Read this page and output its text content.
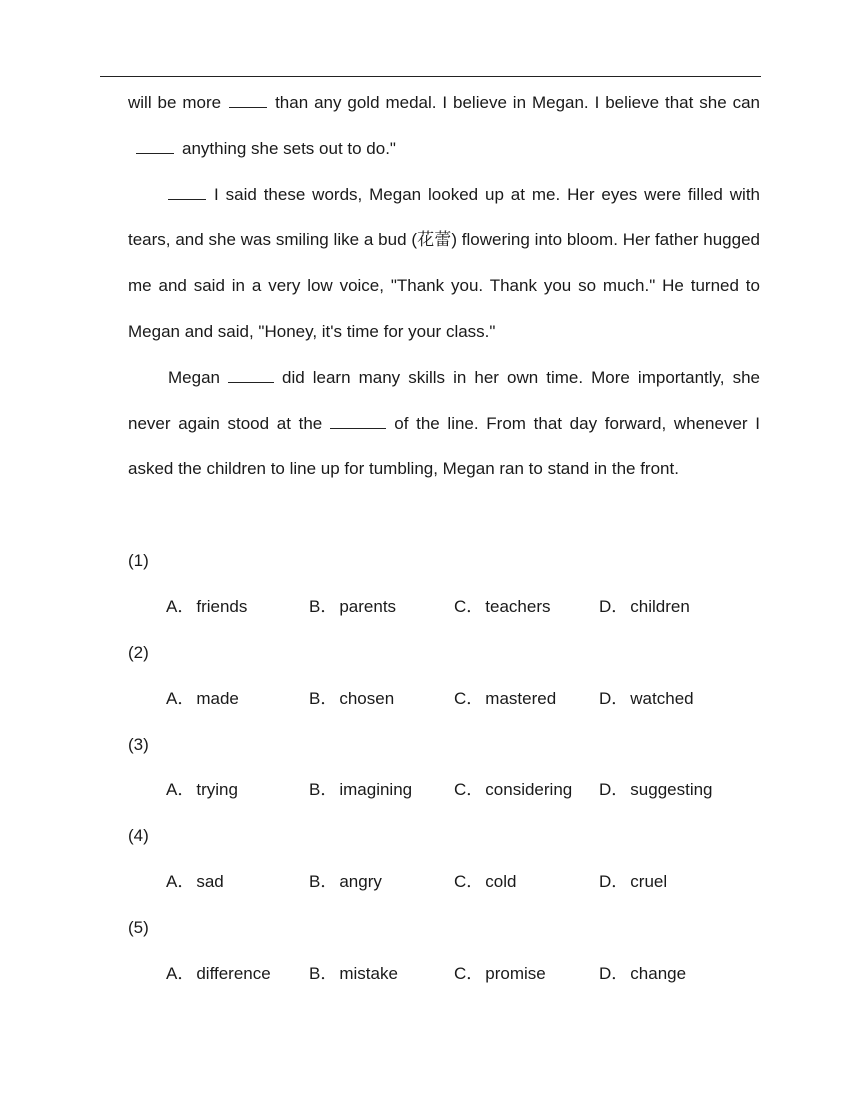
will be more	than any gold medal. I believe in Megan. I believe that she cananything she sets out to do."

I said these words, Megan looked up at me. Her eyes were filled with tears, and she was smiling like a bud (花蕾) flowering into bloom. Her father hugged me and said in a very low voice, "Thank you. Thank you so much." He turned to Megan and said, "Honey, it's time for your class."

Megan	did learn many skills in her own time. More importantly, she never again stood at the	of the line. From that day forward, whenever I asked the children to line up for tumbling, Megan ran to stand in the front.

(1)
A． friends	B． parents	C． teachers	D． children
(2)
A． made	B． chosen	C． mastered	D． watched
(3)
A． trying	B． imagining C． considering D． suggesting
(4)
A． sad	B． angry	C． cold	D． cruel
(5)
A． difference B． mistake	C． promise	D． change
